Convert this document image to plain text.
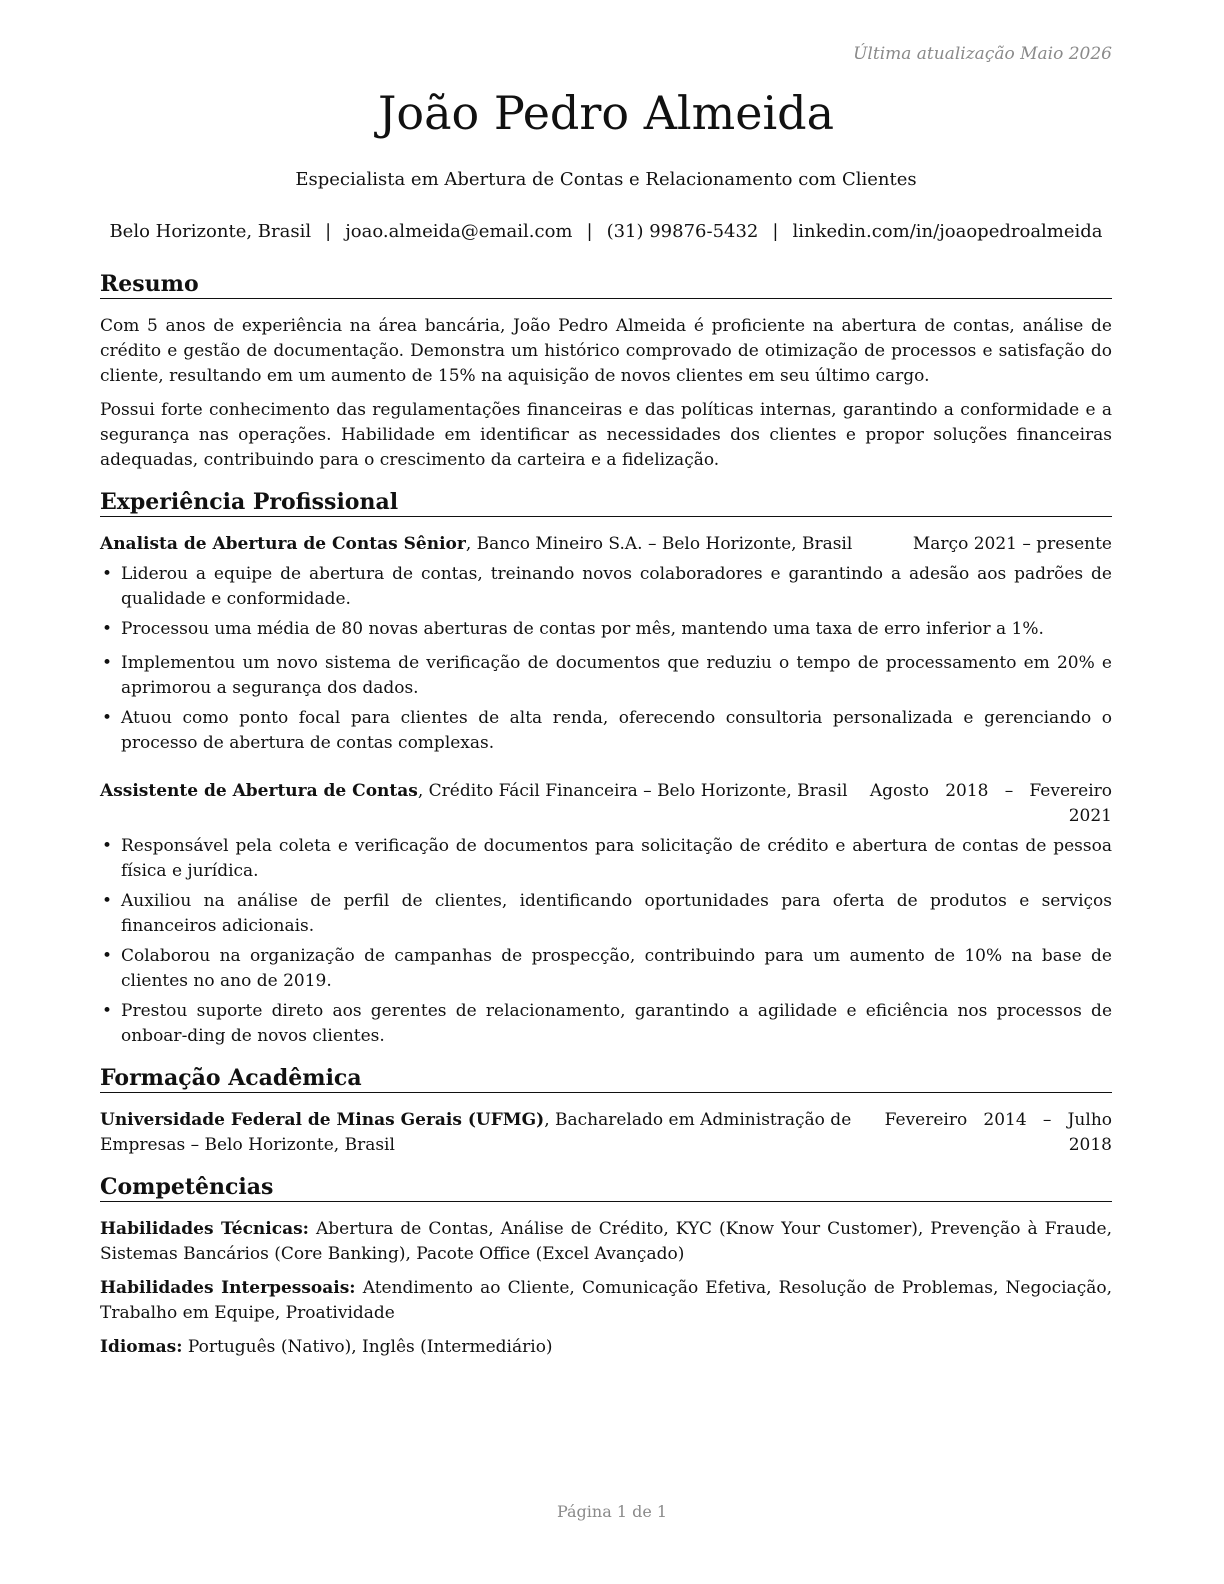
Última atualização Maio 2026
João Pedro Almeida
Especialista em Abertura de Contas e Relacionamento com Clientes
Belo Horizonte, Brasil | joao.almeida@email.com | (31) 99876-5432 | linkedin.com/in/joaopedroalmeida
Resumo

Com 5 anos de experiência na área bancária, João Pedro Almeida é proficiente na abertura de contas, análise de crédito e gestão de documentação. Demonstra um histórico comprovado de otimização de processos e satisfação do cliente, resultando em um aumento de 15% na aquisição de novos clientes em seu último cargo.

Possui forte conhecimento das regulamentações financeiras e das políticas internas, garantindo a conformidade e a segurança nas operações. Habilidade em identificar as necessidades dos clientes e propor soluções financeiras adequadas, contribuindo para o crescimento da carteira e a fidelização.

Experiência Profissional
Analista de Abertura de Contas Sênior, Banco Mineiro S.A. – Belo Horizonte, Brasil	Março 2021 – presente
• Liderou a equipe de abertura de contas, treinando novos colaboradores e garantindo a adesão aos padrões de qualidade e conformidade.
• Processou uma média de 80 novas aberturas de contas por mês, mantendo uma taxa de erro inferior a 1%.
• Implementou um novo sistema de verificação de documentos que reduziu o tempo de processamento em 20% e aprimorou a segurança dos dados.
• Atuou como ponto focal para clientes de alta renda, oferecendo consultoria personalizada e gerenciando o processo de abertura de contas complexas.
Assistente de Abertura de Contas, Crédito Fácil Financeira – Belo Horizonte, Brasil Agosto   2018   –   Fevereiro
2021
• Responsável pela coleta e verificação de documentos para solicitação de crédito e abertura de contas de pessoa física e jurídica.
• Auxiliou na análise de perfil de clientes, identificando oportunidades para oferta de produtos e serviços financeiros adicionais.
• Colaborou na organização de campanhas de prospecção, contribuindo para um aumento de 10% na base de clientes no ano de 2019.
• Prestou suporte direto aos gerentes de relacionamento, garantindo a agilidade e eficiência nos processos de onboar-ding de novos clientes.
Formação Acadêmica
Universidade Federal de Minas Gerais (UFMG), Bacharelado em Administração de
Empresas – Belo Horizonte, Brasil
Fevereiro   2014   –   Julho
2018
Competências
Habilidades Técnicas: Abertura de Contas, Análise de Crédito, KYC (Know Your Customer), Prevenção à Fraude, Sistemas Bancários (Core Banking), Pacote Office (Excel Avançado)
Habilidades Interpessoais: Atendimento ao Cliente, Comunicação Efetiva, Resolução de Problemas, Negociação, Trabalho em Equipe, Proatividade
Idiomas: Português (Nativo), Inglês (Intermediário)
Página 1 de 1
